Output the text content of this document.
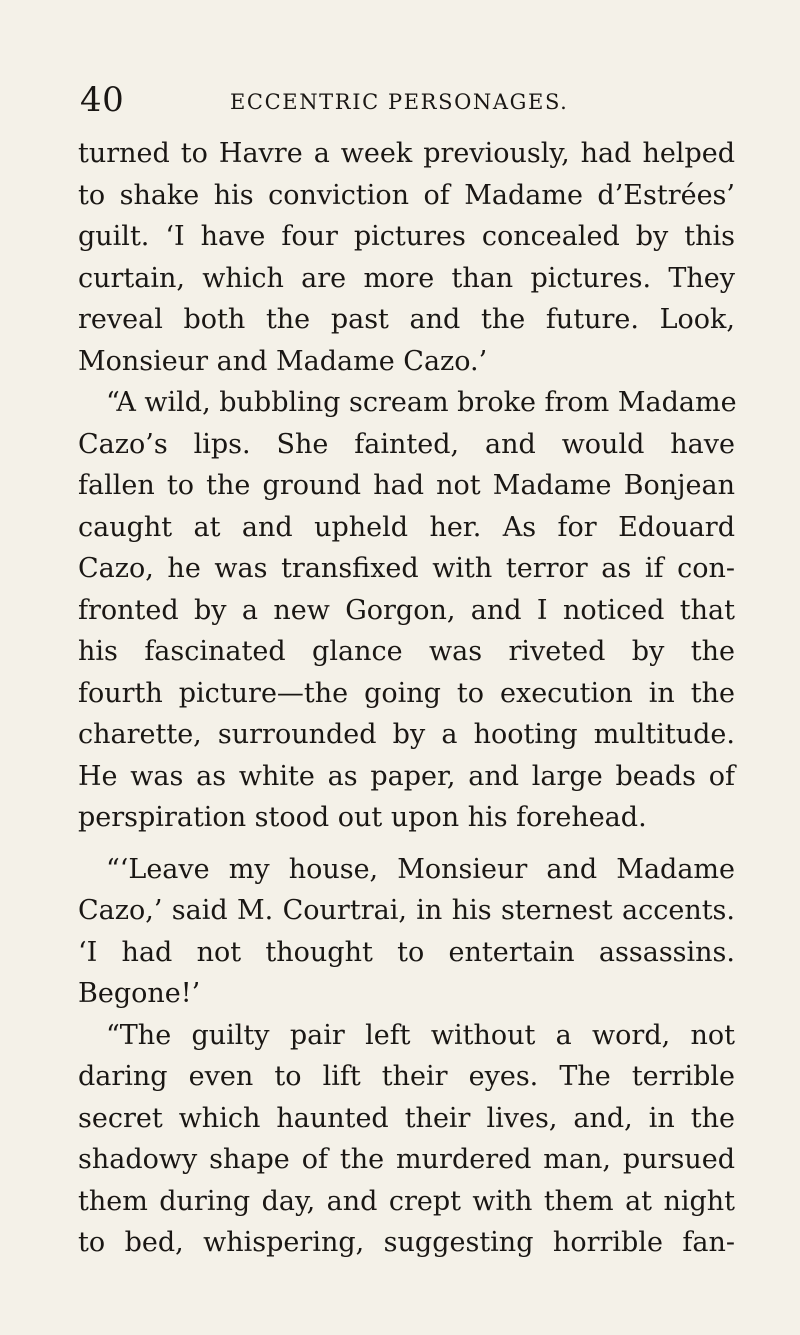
40	ECCENTRIC PERSONAGES.
turned to Havre a week previously, had helped
to shake his conviction of Madame d’Estrées’
guilt. ‘I have four pictures concealed by this
curtain, which are more than pictures. They
reveal both the past and the future. Look,
Monsieur and Madame Cazo.’
“A wild, bubbling scream broke from Madame
Cazo’s lips. She fainted, and would have
fallen to the ground had not Madame Bonjean
caught at and upheld her. As for Edouard
Cazo, he was transfixed with terror as if con-
fronted by a new Gorgon, and I noticed that
his fascinated glance was riveted by the
fourth picture—the going to execution in the
charette, surrounded by a hooting multitude.
He was as white as paper, and large beads of
perspiration stood out upon his forehead.
“‘Leave my house, Monsieur and Madame
Cazo,’ said M. Courtrai, in his sternest accents.
‘I had not thought to entertain assassins.
Begone!’
“The guilty pair left without a word, not
daring even to lift their eyes. The terrible
secret which haunted their lives, and, in the
shadowy shape of the murdered man, pursued
them during day, and crept with them at night
to bed, whispering, suggesting horrible fan-
